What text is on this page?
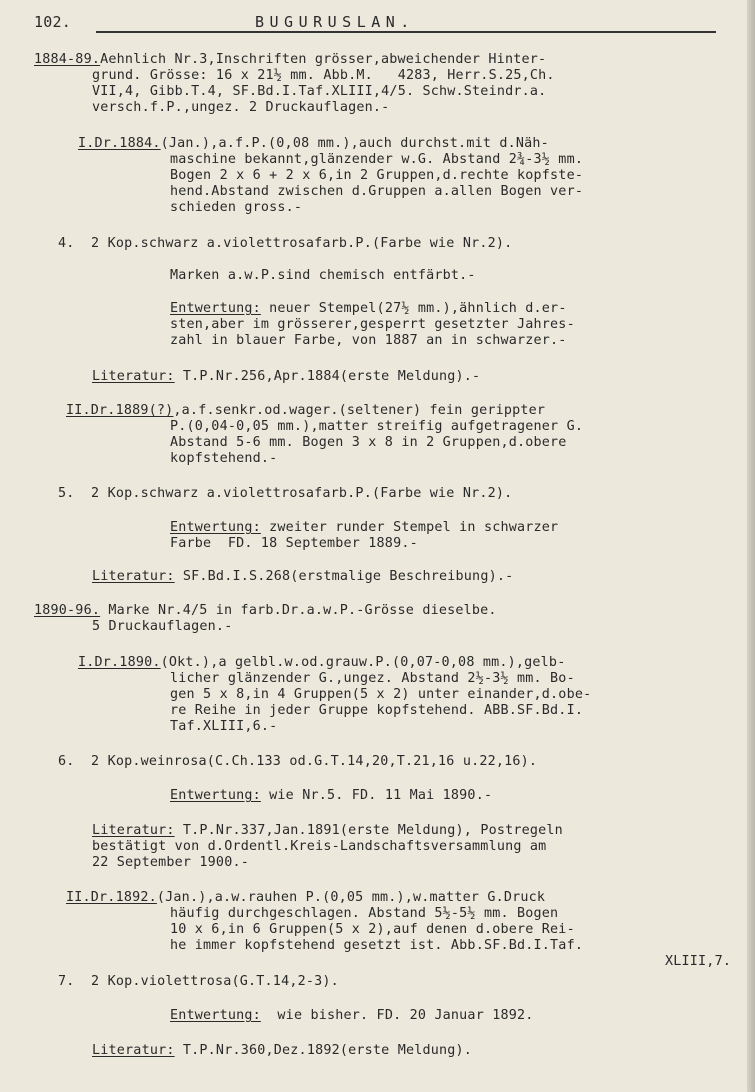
102.	BUGURUSLAN.
1884-89.Aehnlich Nr.3,Inschriften grösser,abweichender Hinter-
grund. Grösse: 16 x 21½ mm. Abb.M.   4283, Herr.S.25,Ch.
VII,4, Gibb.T.4, SF.Bd.I.Taf.XLIII,4/5. Schw.Steindr.a.
versch.f.P.,ungez. 2 Druckauflagen.-
I.Dr.1884.(Jan.),a.f.P.(0,08 mm.),auch durchst.mit d.Näh-
maschine bekannt,glänzender w.G. Abstand 2¾-3½ mm.
Bogen 2 x 6 + 2 x 6,in 2 Gruppen,d.rechte kopfste-
hend.Abstand zwischen d.Gruppen a.allen Bogen ver-
schieden gross.-
4.  2 Kop.schwarz a.violettrosafarb.P.(Farbe wie Nr.2).
Marken a.w.P.sind chemisch entfärbt.-
Entwertung: neuer Stempel(27½ mm.),ähnlich d.er-
sten,aber im grösserer,gesperrt gesetzter Jahres-
zahl in blauer Farbe, von 1887 an in schwarzer.-
Literatur: T.P.Nr.256,Apr.1884(erste Meldung).-
II.Dr.1889(?),a.f.senkr.od.wager.(seltener) fein gerippter
P.(0,04-0,05 mm.),matter streifig aufgetragener G.
Abstand 5-6 mm. Bogen 3 x 8 in 2 Gruppen,d.obere
kopfstehend.-
5.  2 Kop.schwarz a.violettrosafarb.P.(Farbe wie Nr.2).
Entwertung: zweiter runder Stempel in schwarzer
Farbe  FD. 18 September 1889.-
Literatur: SF.Bd.I.S.268(erstmalige Beschreibung).-
1890-96. Marke Nr.4/5 in farb.Dr.a.w.P.-Grösse dieselbe.
5 Druckauflagen.-
I.Dr.1890.(Okt.),a gelbl.w.od.grauw.P.(0,07-0,08 mm.),gelb-
licher glänzender G.,ungez. Abstand 2½-3½ mm. Bo-
gen 5 x 8,in 4 Gruppen(5 x 2) unter einander,d.obe-
re Reihe in jeder Gruppe kopfstehend. ABB.SF.Bd.I.
Taf.XLIII,6.-
6.  2 Kop.weinrosa(C.Ch.133 od.G.T.14,20,T.21,16 u.22,16).
Entwertung: wie Nr.5. FD. 11 Mai 1890.-
Literatur: T.P.Nr.337,Jan.1891(erste Meldung), Postregeln
bestätigt von d.Ordentl.Kreis-Landschaftsversammlung am
22 September 1900.-
II.Dr.1892.(Jan.),a.w.rauhen P.(0,05 mm.),w.matter G.Druck
häufig durchgeschlagen. Abstand 5½-5½ mm. Bogen
10 x 6,in 6 Gruppen(5 x 2),auf denen d.obere Rei-
he immer kopfstehend gesetzt ist. Abb.SF.Bd.I.Taf.
XLIII,7.
7.  2 Kop.violettrosa(G.T.14,2-3).
Entwertung:  wie bisher. FD. 20 Januar 1892.
Literatur: T.P.Nr.360,Dez.1892(erste Meldung).
